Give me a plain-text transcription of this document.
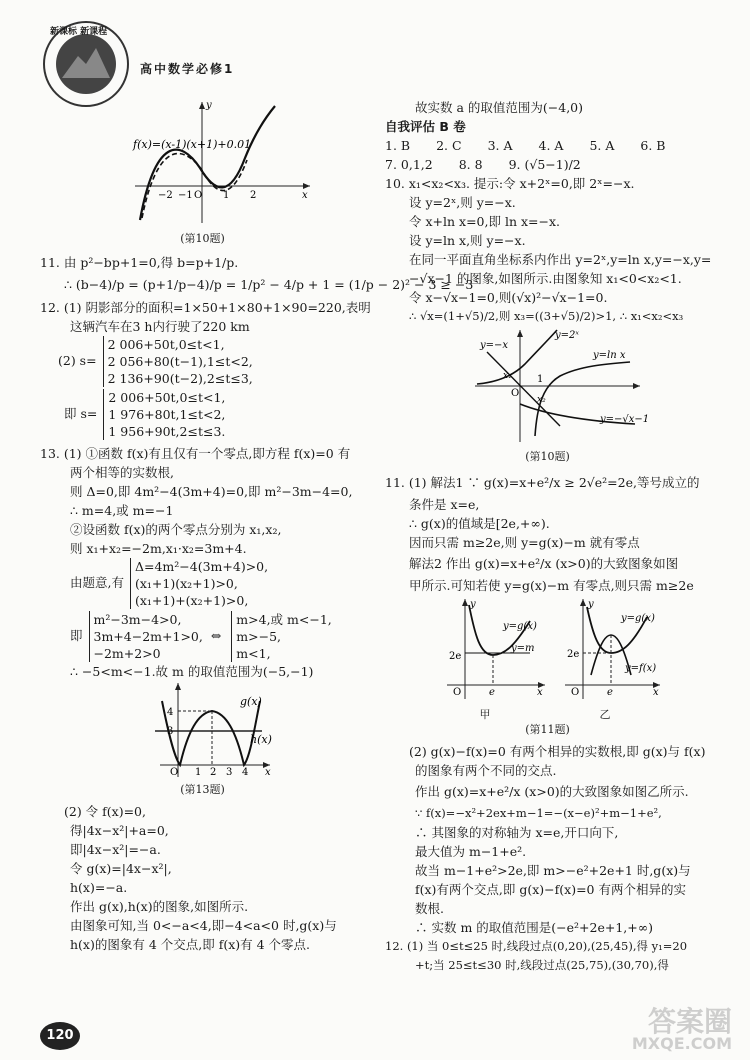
新课标 新课程
高中数学必修1
−2 −1 O 1 2	x
y
f(x)=(x-1)(x+1)+0.01
(第10题)
11. 由 p²−bp+1=0,得 b=p+1/p.
∴ (b−4)/p = (p+1/p−4)/p = 1/p² − 4/p + 1 = (1/p − 2)² − 3 ≥ −3
12. (1) 阴影部分的面积=1×50+1×80+1×90=220,表明
这辆汽车在3 h内行驶了220 km
(2) s=
2 006+50t,0≤t<1,
2 056+80(t−1),1≤t<2,
2 136+90(t−2),2≤t≤3,
即 s=
2 006+50t,0≤t<1,
1 976+80t,1≤t<2,
1 956+90t,2≤t≤3.
13. (1) ①函数 f(x)有且仅有一个零点,即方程 f(x)=0 有
两个相等的实数根,
则 Δ=0,即 4m²−4(3m+4)=0,即 m²−3m−4=0,
∴ m=4,或 m=−1
②设函数 f(x)的两个零点分别为 x₁,x₂,
则 x₁+x₂=−2m,x₁·x₂=3m+4.
由题意,有
Δ=4m²−4(3m+4)>0,
(x₁+1)(x₂+1)>0,
(x₁+1)+(x₂+1)>0,
即
m²−3m−4>0,
3m+4−2m+1>0,
−2m+2>0
⇔
m>4,或 m<−1,
m>−5,
m<1,
∴ −5<m<−1.故 m 的取值范围为(−5,−1)
4
3
O 1 2 3 4 x
g(x)
h(x)
(第13题)
(2) 令 f(x)=0,
得|4x−x²|+a=0,
即|4x−x²|=−a.
令 g(x)=|4x−x²|,
h(x)=−a.
作出 g(x),h(x)的图象,如图所示.
由图象可知,当 0<−a<4,即−4<a<0 时,g(x)与
h(x)的图象有 4 个交点,即 f(x)有 4 个零点.
故实数 a 的取值范围为(−4,0)
自我评估 B 卷
1. B 2. C 3. A 4. A 5. A 6. B
7. 0,1,2 8. 8 9. (√5−1)/2
10. x₁<x₂<x₃. 提示:令 x+2ˣ=0,即 2ˣ=−x.
设 y=2ˣ,则 y=−x.
令 x+ln x=0,即 ln x=−x.
设 y=ln x,则 y=−x.
在同一平面直角坐标系内作出 y=2ˣ,y=ln x,y=−x,y=
−√x−1 的图象,如图所示.由图象知 x₁<0<x₂<1.
令 x−√x−1=0,则(√x)²−√x−1=0.
∴ √x=(1+√5)/2,则 x₃=((3+√5)/2)>1, ∴ x₁<x₂<x₃
y=−x
y=2ˣ
y=ln x
y=−√x−1
x₁
x₂
O
1
(第10题)
11. (1) 解法1 ∵ g(x)=x+e²/x ≥ 2√e²=2e,等号成立的
条件是 x=e,
∴ g(x)的值域是[2e,+∞).
因而只需 m≥2e,则 y=g(x)−m 就有零点
解法2 作出 g(x)=x+e²/x (x>0)的大致图象如图
甲所示.可知若使 y=g(x)−m 有零点,则只需 m≥2e
y=g(x)
y=m
2e
O	e	x
y
y=g(x)
2e
y=f(x)
O	e	x
y
甲	乙
(第11题)
(2) g(x)−f(x)=0 有两个相异的实数根,即 g(x)与 f(x)
的图象有两个不同的交点.
作出 g(x)=x+e²/x (x>0)的大致图象如图乙所示.
∵ f(x)=−x²+2ex+m−1=−(x−e)²+m−1+e²,
∴ 其图象的对称轴为 x=e,开口向下,
最大值为 m−1+e².
故当 m−1+e²>2e,即 m>−e²+2e+1 时,g(x)与
f(x)有两个交点,即 g(x)−f(x)=0 有两个相异的实
数根.
∴ 实数 m 的取值范围是(−e²+2e+1,+∞)
12. (1) 当 0≤t≤25 时,线段过点(0,20),(25,45),得 y₁=20
+t;当 25≤t≤30 时,线段过点(25,75),(30,70),得
120	答案圈
MXQE.COM
